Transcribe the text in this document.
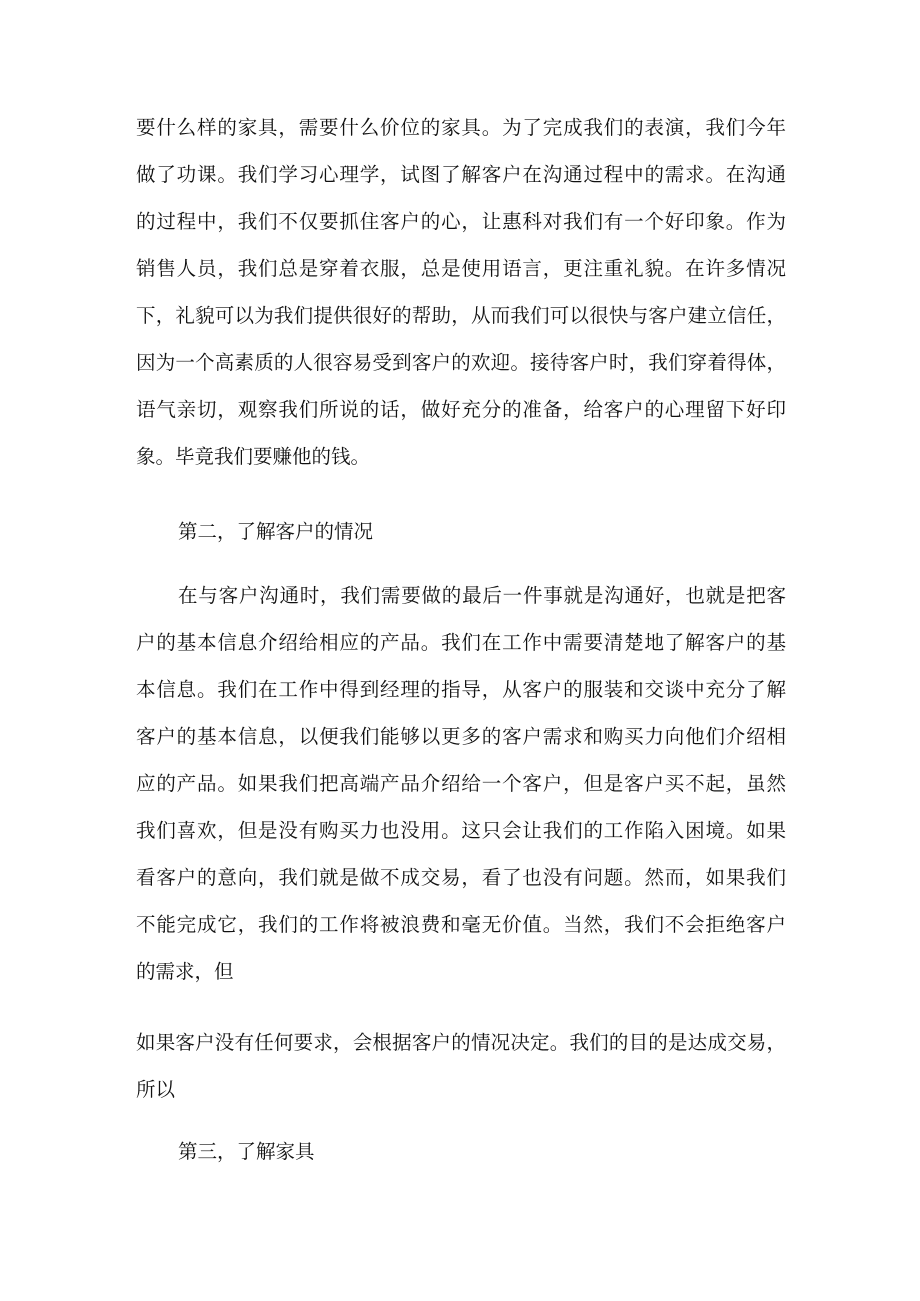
要什么样的家具，需要什么价位的家具。为了完成我们的表演，我们今年

做了功课。我们学习心理学，试图了解客户在沟通过程中的需求。在沟通

的过程中，我们不仅要抓住客户的心，让惠科对我们有一个好印象。作为

销售人员，我们总是穿着衣服，总是使用语言，更注重礼貌。在许多情况

下，礼貌可以为我们提供很好的帮助，从而我们可以很快与客户建立信任，

因为一个高素质的人很容易受到客户的欢迎。接待客户时，我们穿着得体，

语气亲切，观察我们所说的话，做好充分的准备，给客户的心理留下好印

象。毕竟我们要赚他的钱。

第二，了解客户的情况

在与客户沟通时，我们需要做的最后一件事就是沟通好，也就是把客

户的基本信息介绍给相应的产品。我们在工作中需要清楚地了解客户的基

本信息。我们在工作中得到经理的指导，从客户的服装和交谈中充分了解

客户的基本信息，以便我们能够以更多的客户需求和购买力向他们介绍相

应的产品。如果我们把高端产品介绍给一个客户，但是客户买不起，虽然

我们喜欢，但是没有购买力也没用。这只会让我们的工作陷入困境。如果

看客户的意向，我们就是做不成交易，看了也没有问题。然而，如果我们

不能完成它，我们的工作将被浪费和毫无价值。当然，我们不会拒绝客户

的需求，但

如果客户没有任何要求，会根据客户的情况决定。我们的目的是达成交易，

所以

第三，了解家具
